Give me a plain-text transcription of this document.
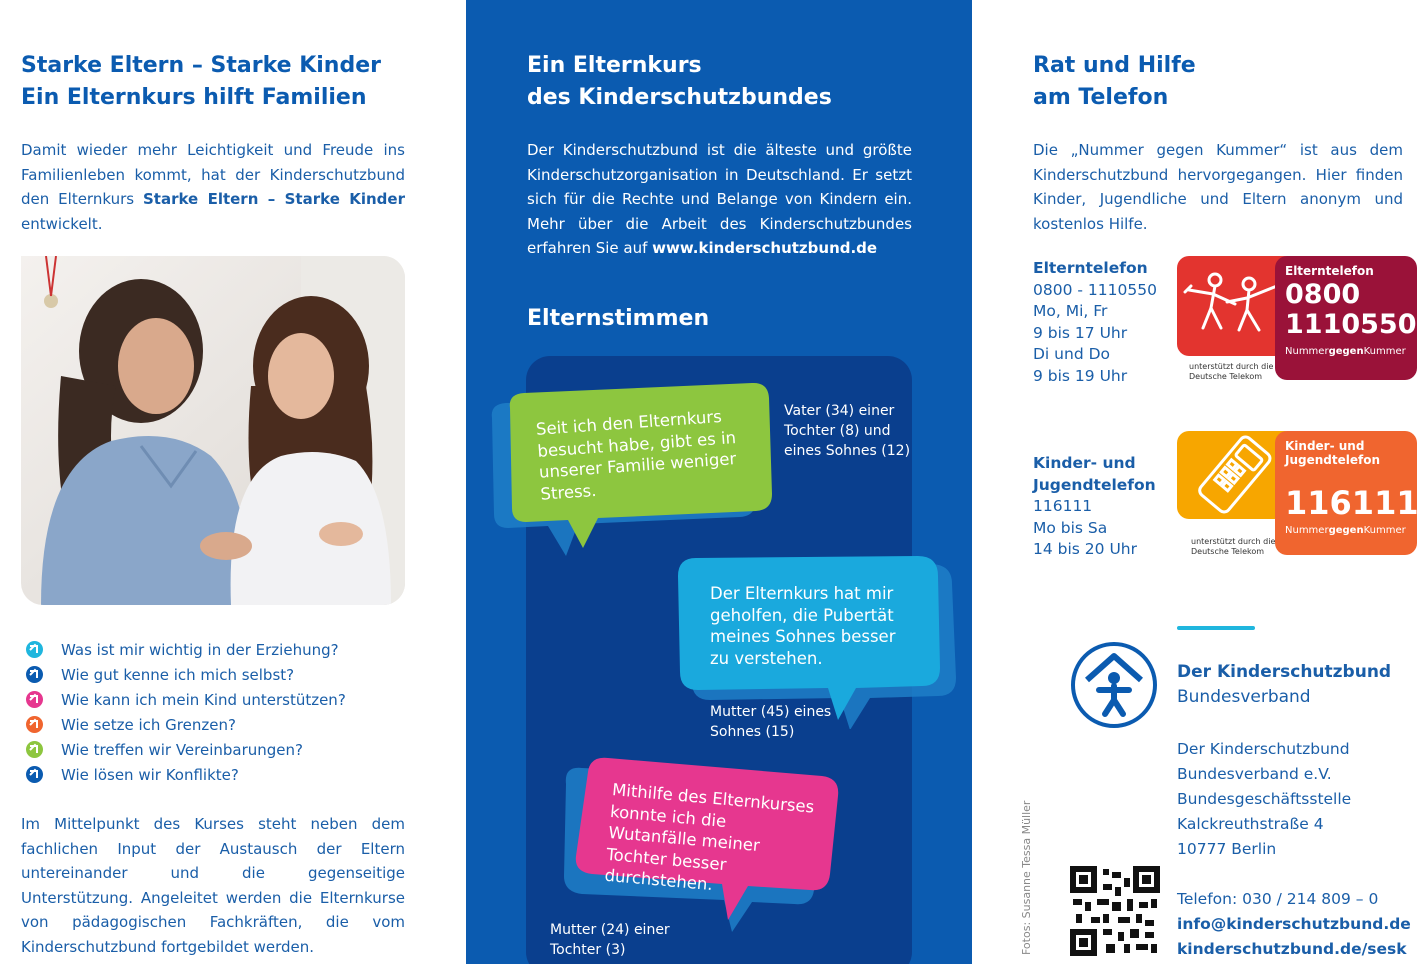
Starke Eltern – Starke Kinder
Ein Elternkurs hilft Familien

Damit wieder mehr Leichtigkeit und Freude ins Familienleben kommt, hat der Kinderschutzbund den Elternkurs Starke Eltern – Starke Kinder entwickelt.

Was ist mir wichtig in der Erziehung?
Wie gut kenne ich mich selbst?
Wie kann ich mein Kind unterstützen?
Wie setze ich Grenzen?
Wie treffen wir Vereinbarungen?
Wie lösen wir Konflikte?

Im Mittelpunkt des Kurses steht neben dem fachlichen Input der Austausch der Eltern untereinander und die gegenseitige Unterstützung. Angeleitet werden die Elternkurse von pädagogischen Fachkräften, die vom Kinderschutzbund fortgebildet werden.

Ein Elternkurs
des Kinderschutzbundes

Der Kinderschutzbund ist die älteste und größte Kinderschutzorganisation in Deutschland. Er setzt sich für die Rechte und Belange von Kindern ein. Mehr über die Arbeit des Kinderschutzbundes erfahren Sie auf www.kinderschutzbund.de

Elternstimmen
Seit ich den Elternkurs besucht habe, gibt es in unserer Familie weniger Stress.
Vater (34) einer Tochter (8) und eines Sohnes (12)
Der Elternkurs hat mir geholfen, die Pubertät meines Sohnes besser zu verstehen.
Mutter (45) eines Sohnes (15)
Mithilfe des Elternkurses konnte ich die Wutanfälle meiner Tochter besser durchstehen.
Mutter (24) einer Tochter (3)
Rat und Hilfe
am Telefon

Die „Nummer gegen Kummer“ ist aus dem Kinderschutzbund hervorgegangen. Hier finden Kinder, Jugendliche und Eltern anonym und kostenlos Hilfe.

Elterntelefon
0800 - 1110550
Mo, Mi, Fr
9 bis 17 Uhr
Di und Do
9 bis 19 Uhr
Elterntelefon
0800
1110550
NummergegenKummer
unterstützt durch die Deutsche Telekom
Kinder- und
Jugendtelefon
116111
Mo bis Sa
14 bis 20 Uhr
Kinder- und
Jugendtelefon
116111
NummergegenKummer
unterstützt durch die Deutsche Telekom
Der Kinderschutzbund
Bundesverband
Der Kinderschutzbund
Bundesverband e.V.
Bundesgeschäftsstelle
Kalckreuthstraße 4
10777 Berlin
Telefon: 030 / 214 809 – 0
info@kinderschutzbund.de
kinderschutzbund.de/sesk
Fotos: Susanne Tessa Müller
